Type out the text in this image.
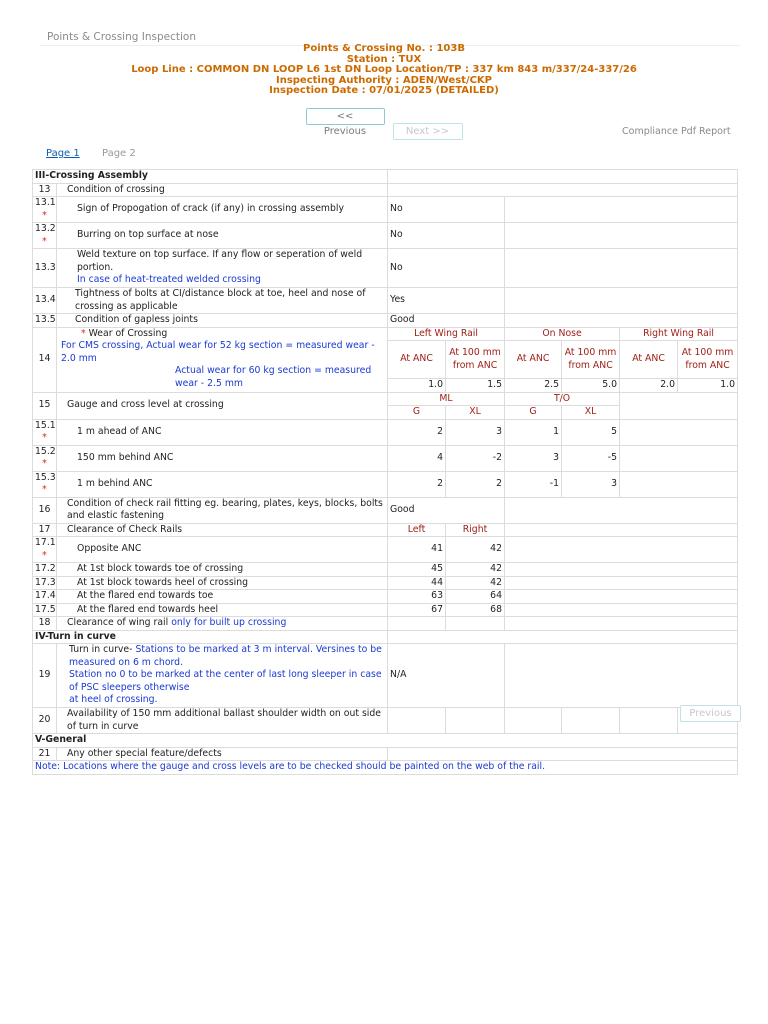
Points & Crossing Inspection
Points & Crossing No. : 103B
Station : TUX
Loop Line : COMMON DN LOOP L6 1st DN Loop Location/TP : 337 km 843 m/337/24-337/26
Inspecting Authority : ADEN/West/CKP
Inspection Date : 07/01/2025 (DETAILED)
<< Previous	Next >>	Compliance Pdf Report
Page 1 Page 2
III-Crossing Assembly							
13	Condition of crossing						
13.1 *	Sign of Propogation of crack (if any) in crossing assembly	No					
13.2 *	Burring on top surface at nose	No					
13.3	Weld texture on top surface. If any flow or seperation of weld portion.
In case of heat-treated welded crossing	No					
13.4	Tightness of bolts at CI/distance block at toe, heel and nose of crossing as applicable	Yes					
13.5	Condition of gapless joints	Good					
14	* Wear of Crossing
For CMS crossing, Actual wear for 52 kg section = measured wear - 2.0 mm
Actual wear for 60 kg section = measured wear - 2.5 mm	Left Wing Rail		On Nose		Right Wing Rail	
		At ANC	At 100 mm from ANC	At ANC	At 100 mm from ANC	At ANC	At 100 mm from ANC
		1.0	1.5	2.5	5.0	2.0	1.0
15	Gauge and cross level at crossing	ML		T/O			
		G	XL	G	XL		
15.1 *	1 m ahead of ANC	2	3	1	5		
15.2 *	150 mm behind ANC	4	-2	3	-5		
15.3 *	1 m behind ANC	2	2	-1	3		
16	Condition of check rail fitting eg. bearing, plates, keys, blocks, bolts and elastic fastening	Good					
17	Clearance of Check Rails	Left	Right				
17.1 *	Opposite ANC	41	42				
17.2	At 1st block towards toe of crossing	45	42				
17.3	At 1st block towards heel of crossing	44	42				
17.4	At the flared end towards toe	63	64				
17.5	At the flared end towards heel	67	68				
18	Clearance of wing rail only for built up crossing						
IV-Turn in curve							
19	Turn in curve- Stations to be marked at 3 m interval. Versines to be measured on 6 m chord.
Station no 0 to be marked at the center of last long sleeper in case of PSC sleepers otherwise
at heel of crossing.	N/A					
20	Availability of 150 mm additional ballast shoulder width on out side of turn in curve						
V-General							
21	Any other special feature/defects						
Note: Locations where the gauge and cross levels are to be checked should be painted on the web of the rail.							
Previous
